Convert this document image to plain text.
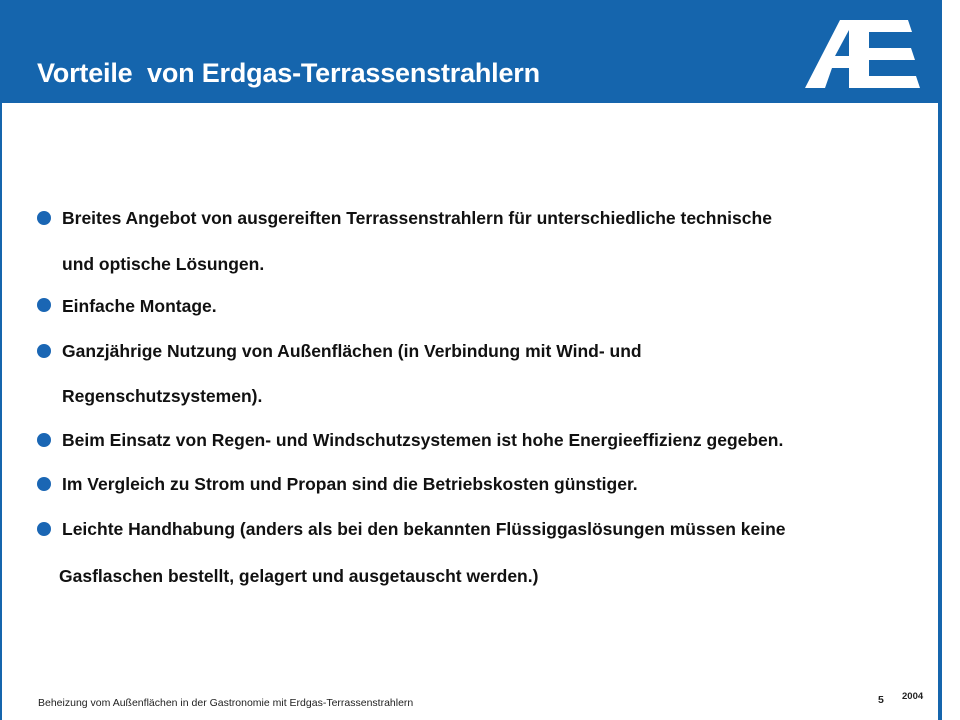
Vorteile  von Erdgas-Terrassenstrahlern
Breites Angebot von ausgereiften Terrassenstrahlern für unterschiedliche technische
und optische Lösungen.
Einfache Montage.
Ganzjährige Nutzung von Außenflächen (in Verbindung mit Wind- und
Regenschutzsystemen).
Beim Einsatz von Regen- und Windschutzsystemen ist hohe Energieeffizienz gegeben.
Im Vergleich zu Strom und Propan sind die Betriebskosten günstiger.
Leichte Handhabung (anders als bei den bekannten Flüssiggaslösungen müssen keine
Gasflaschen bestellt, gelagert und ausgetauscht werden.)
Beheizung vom Außenflächen in der Gastronomie mit Erdgas-Terrassenstrahlern	5 2004
